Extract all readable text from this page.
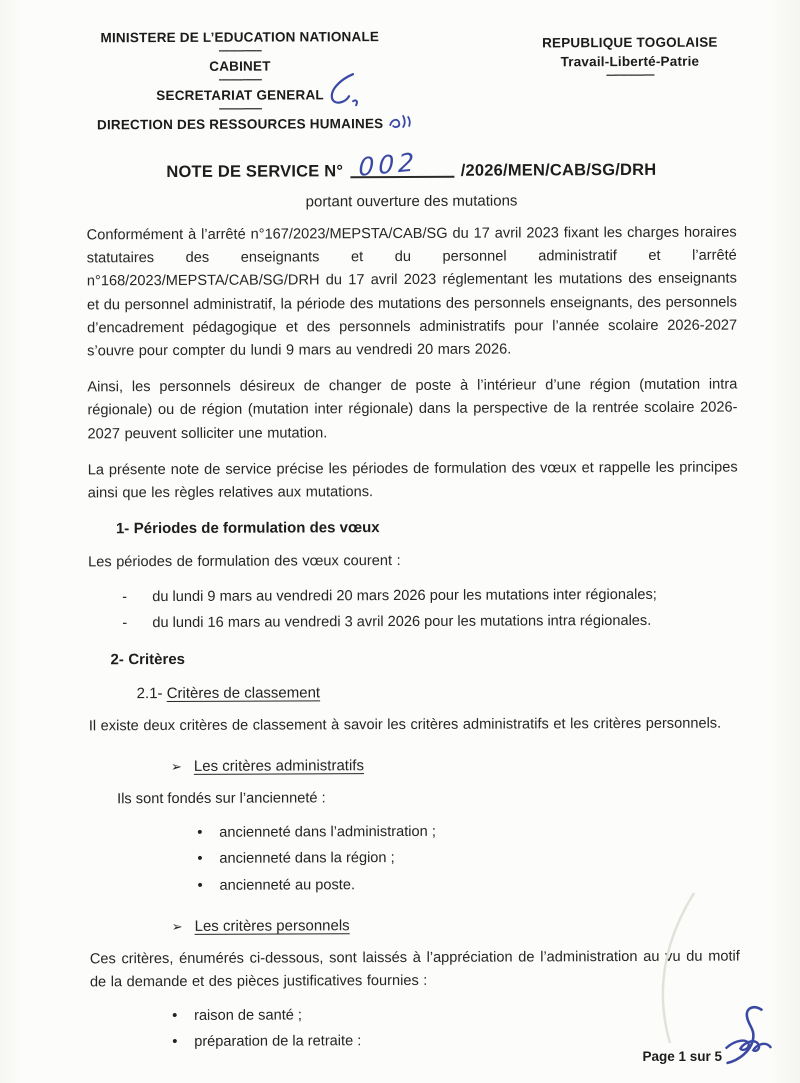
MINISTERE DE L’EDUCATION NATIONALE
----------------
CABINET
----------------
SECRETARIAT GENERAL
----------------
DIRECTION DES RESSOURCES HUMAINES
REPUBLIQUE TOGOLAISE
Travail-Liberté-Patrie
------------------
NOTE DE SERVICE N° 002	/2026/MEN/CAB/SG/DRH
portant ouverture des mutations
Conformément à l’arrêté n°167/2023/MEPSTA/CAB/SG du 17 avril 2023 fixant les charges horaires statutaires des enseignants et du personnel administratif et l’arrêté n°168/2023/MEPSTA/CAB/SG/DRH du 17 avril 2023 réglementant les mutations des enseignants et du personnel administratif, la période des mutations des personnels enseignants, des personnels d’encadrement pédagogique et des personnels administratifs pour l’année scolaire 2026-2027 s’ouvre pour compter du lundi 9 mars au vendredi 20 mars 2026.
Ainsi, les personnels désireux de changer de poste à l’intérieur d’une région (mutation intra régionale) ou de région (mutation inter régionale) dans la perspective de la rentrée scolaire 2026-2027 peuvent solliciter une mutation.
La présente note de service précise les périodes de formulation des vœux et rappelle les principes ainsi que les règles relatives aux mutations.
1- Périodes de formulation des vœux
Les périodes de formulation des vœux courent :
-	du lundi 9 mars au vendredi 20 mars 2026 pour les mutations inter régionales;
-	du lundi 16 mars au vendredi 3 avril 2026 pour les mutations intra régionales.
2- Critères
2.1- Critères de classement
Il existe deux critères de classement à savoir les critères administratifs et les critères personnels.
➢ Les critères administratifs
Ils sont fondés sur l’ancienneté :
•	ancienneté dans l’administration ;
•	ancienneté dans la région ;
•	ancienneté au poste.
➢ Les critères personnels
Ces critères, énumérés ci-dessous, sont laissés à l’appréciation de l’administration au vu du motif de la demande et des pièces justificatives fournies :
•	raison de santé ;
•	préparation de la retraite :
Page 1 sur 5
